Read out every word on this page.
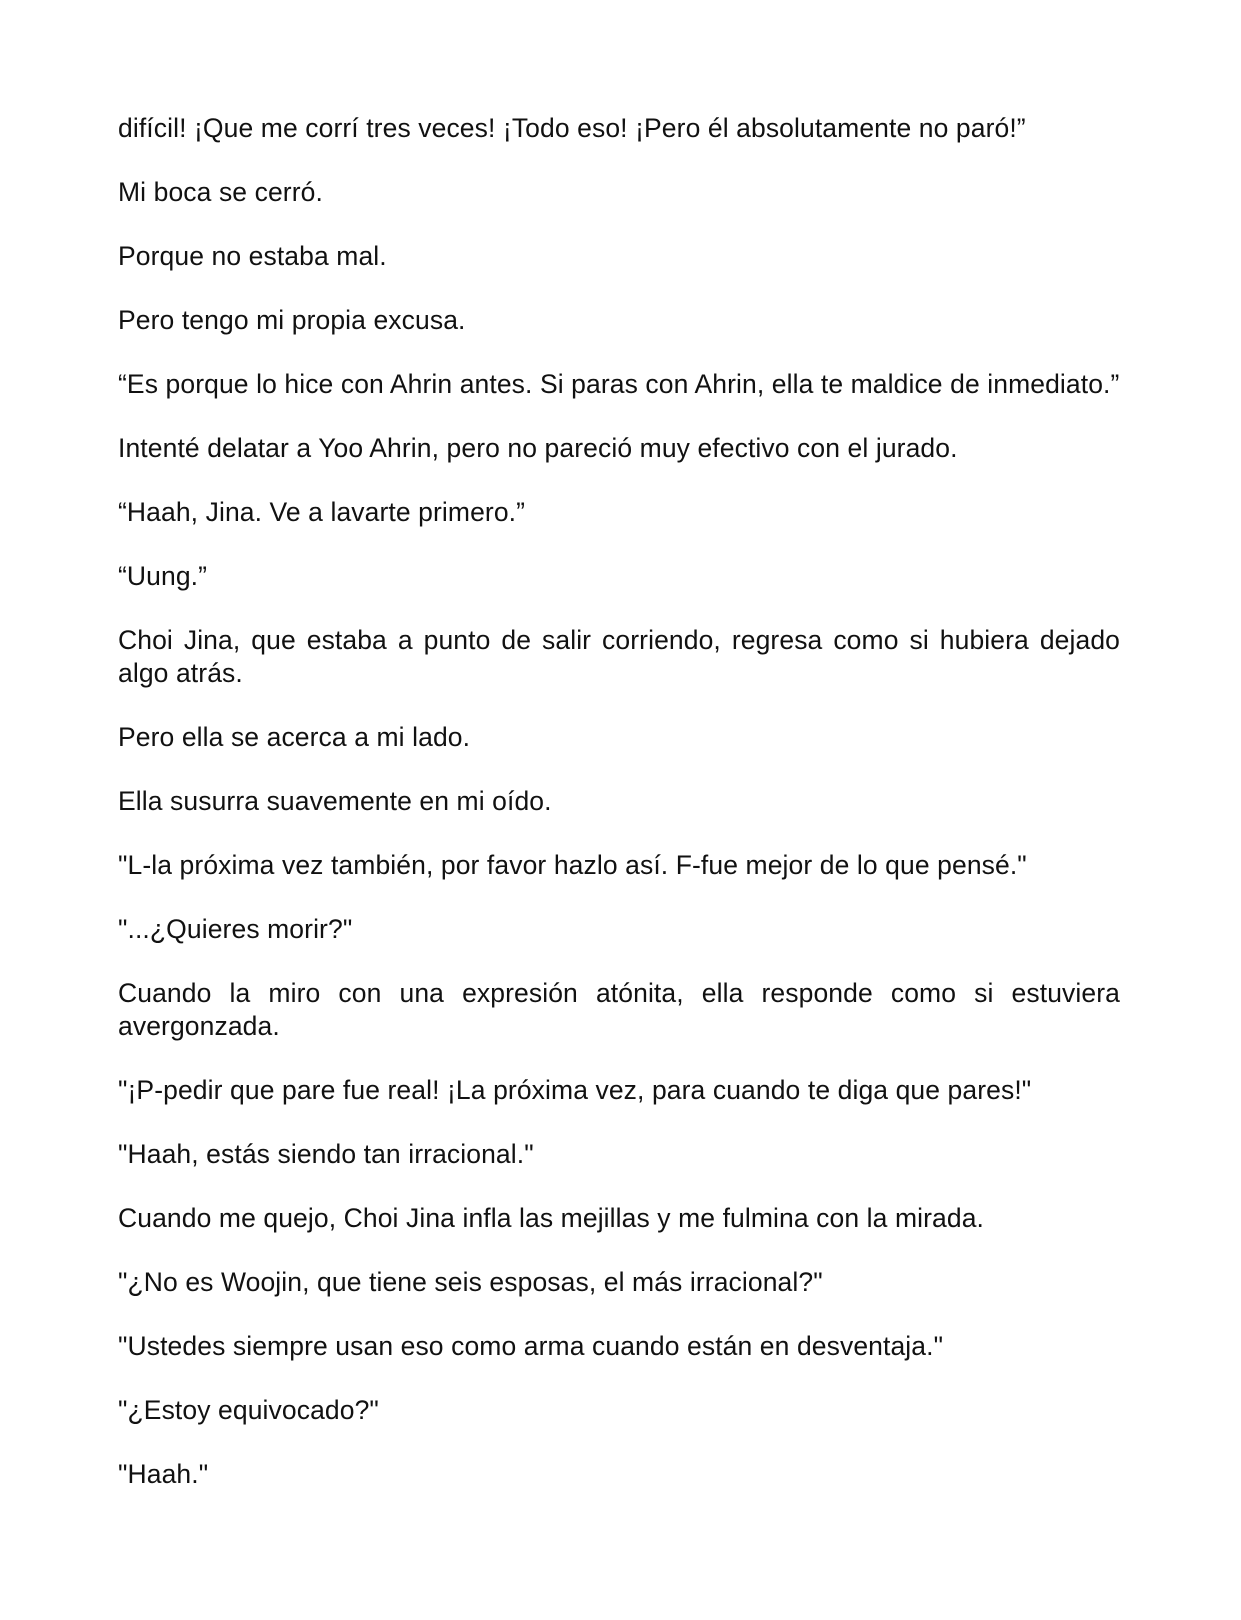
difícil! ¡Que me corrí tres veces! ¡Todo eso! ¡Pero él absolutamente no paró!”

Mi boca se cerró.

Porque no estaba mal.

Pero tengo mi propia excusa.

“Es porque lo hice con Ahrin antes. Si paras con Ahrin, ella te maldice de inmediato.”

Intenté delatar a Yoo Ahrin, pero no pareció muy efectivo con el jurado.

“Haah, Jina. Ve a lavarte primero.”

“Uung.”

Choi Jina, que estaba a punto de salir corriendo, regresa como si hubiera dejado algo atrás.

Pero ella se acerca a mi lado.

Ella susurra suavemente en mi oído.

"L-la próxima vez también, por favor hazlo así. F-fue mejor de lo que pensé."

"...¿Quieres morir?"

Cuando la miro con una expresión atónita, ella responde como si estuviera avergonzada.

"¡P-pedir que pare fue real! ¡La próxima vez, para cuando te diga que pares!"

"Haah, estás siendo tan irracional."

Cuando me quejo, Choi Jina infla las mejillas y me fulmina con la mirada.

"¿No es Woojin, que tiene seis esposas, el más irracional?"

"Ustedes siempre usan eso como arma cuando están en desventaja."

"¿Estoy equivocado?"

"Haah."
